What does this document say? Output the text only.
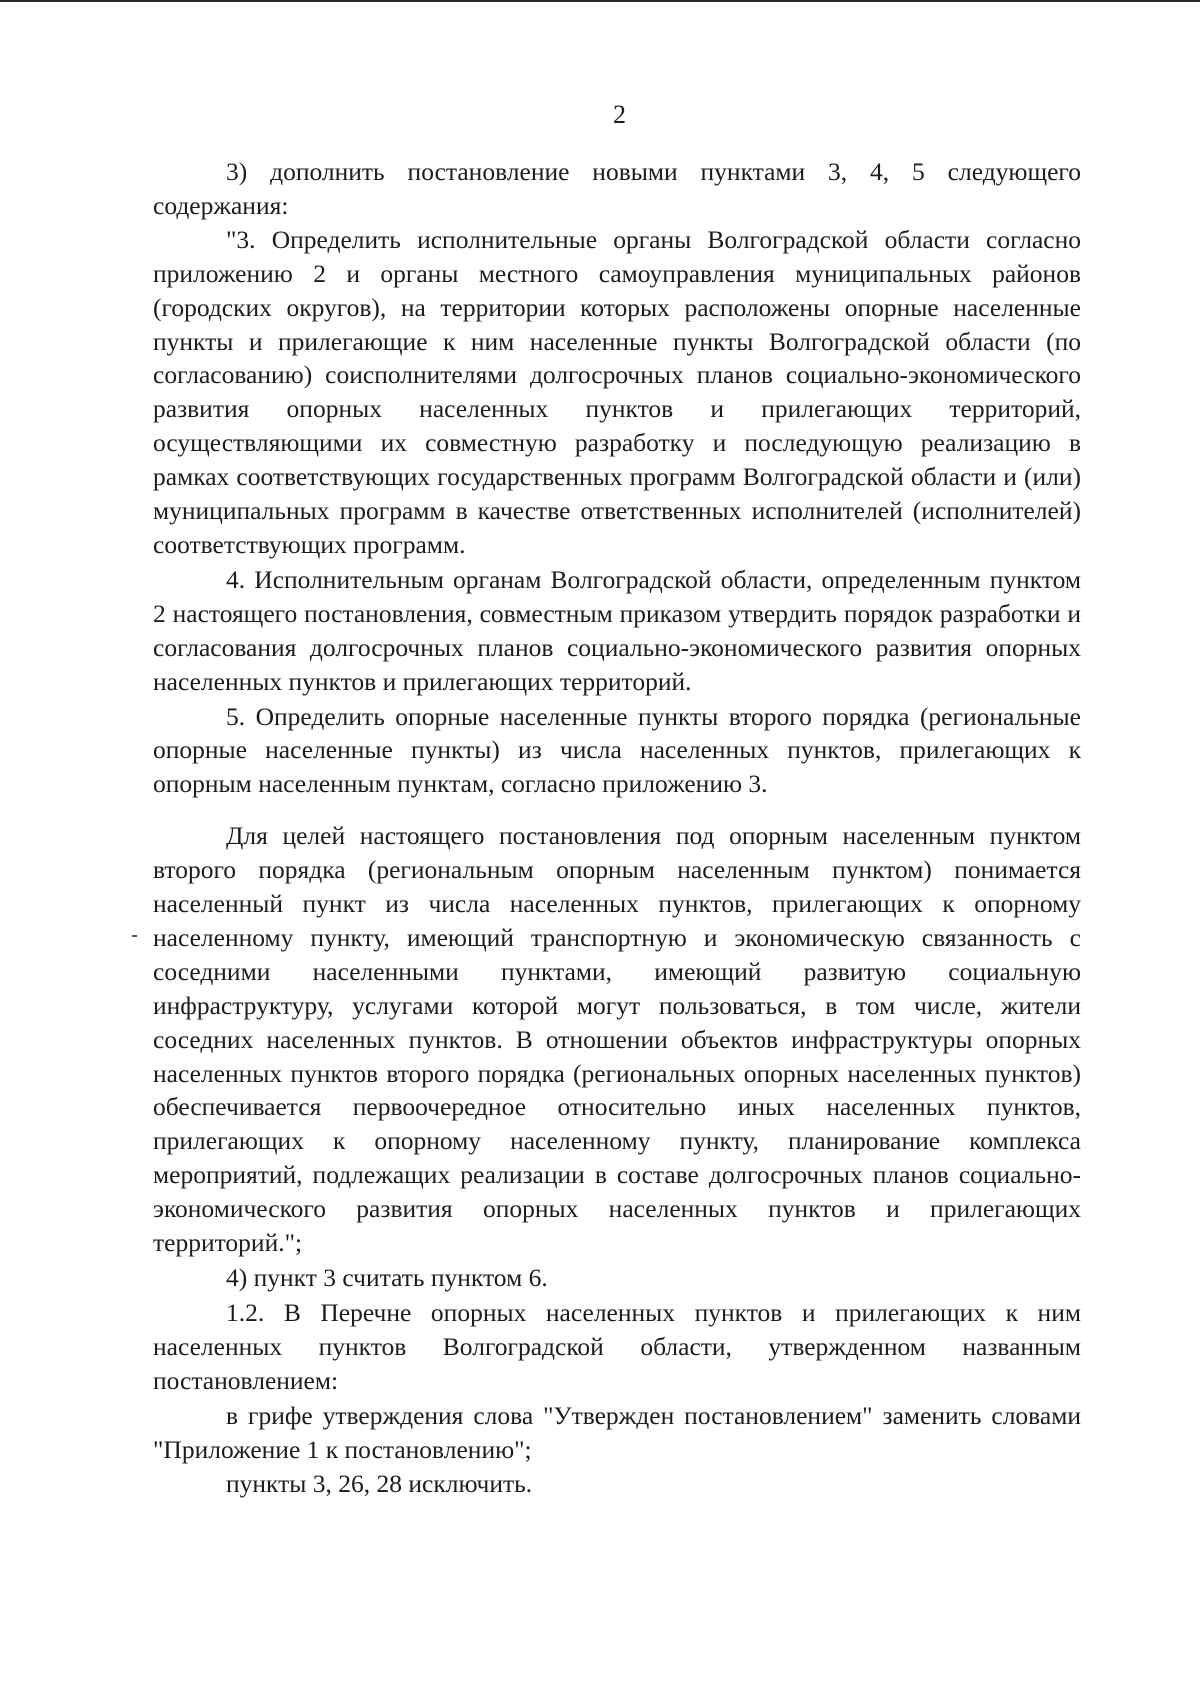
2

3) дополнить постановление новыми пунктами 3, 4, 5 следующего содержания:

"3. Определить исполнительные органы Волгоградской области согласно приложению 2 и органы местного самоуправления муниципальных районов (городских округов), на территории которых расположены опорные населенные пункты и прилегающие к ним населенные пункты Волгоградской области (по согласованию) соисполнителями долгосрочных планов социально-экономического развития опорных населенных пунктов и прилегающих территорий, осуществляющими их совместную разработку и последующую реализацию в рамках соответствующих государственных программ Волгоградской области и (или) муниципальных программ в качестве ответственных исполнителей (исполнителей) соответствующих программ.

4. Исполнительным органам Волгоградской области, определенным пунктом 2 настоящего постановления, совместным приказом утвердить порядок разработки и согласования долгосрочных планов социально-экономического развития опорных населенных пунктов и прилегающих территорий.

5. Определить опорные населенные пункты второго порядка (региональные опорные населенные пункты) из числа населенных пунктов, прилегающих к опорным населенным пунктам, согласно приложению 3.

Для целей настоящего постановления под опорным населенным пунктом второго порядка (региональным опорным населенным пунктом) понимается населенный пункт из числа населенных пунктов, прилегающих к опорному населенному пункту, имеющий транспортную и экономическую связанность с соседними населенными пунктами, имеющий развитую социальную инфраструктуру, услугами которой могут пользоваться, в том числе, жители соседних населенных пунктов. В отношении объектов инфраструктуры опорных населенных пунктов второго порядка (региональных опорных населенных пунктов) обеспечивается первоочередное относительно иных населенных пунктов, прилегающих к опорному населенному пункту, планирование комплекса мероприятий, подлежащих реализации в составе долгосрочных планов социально-экономического развития опорных населенных пунктов и прилегающих территорий.";

4) пункт 3 считать пунктом 6.

1.2. В Перечне опорных населенных пунктов и прилегающих к ним населенных пунктов Волгоградской области, утвержденном названным постановлением:

в грифе утверждения слова "Утвержден постановлением" заменить словами "Приложение 1 к постановлению";

пункты 3, 26, 28 исключить.
